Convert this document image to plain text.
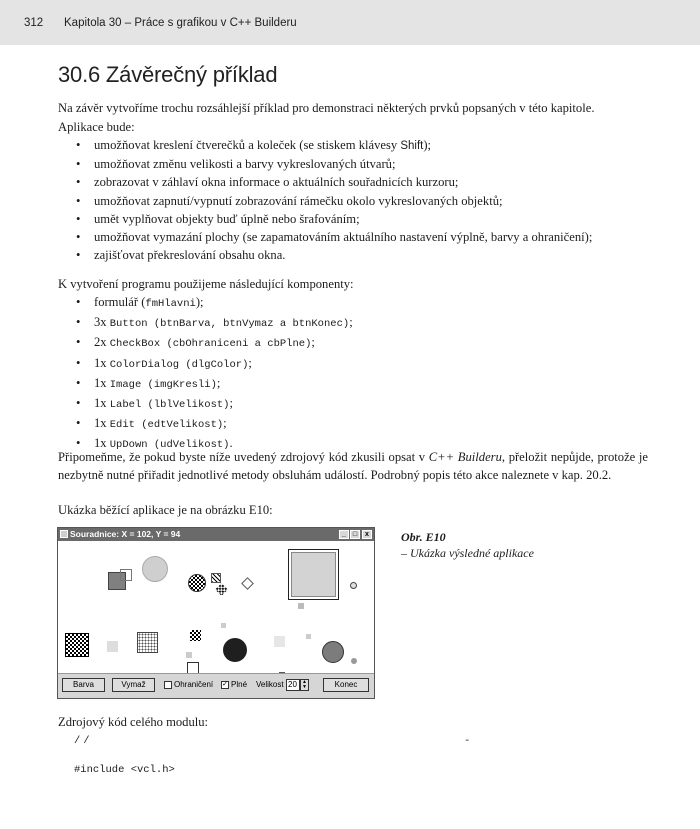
312 Kapitola 30 – Práce s grafikou v C++ Builderu
30.6 Závěrečný příklad
Na závěr vytvoříme trochu rozsáhlejší příklad pro demonstraci některých prvků popsaných v této kapitole.
Aplikace bude:
• umožňovat kreslení čtverečků a koleček (se stiskem klávesy Shift);
• umožňovat změnu velikosti a barvy vykreslovaných útvarů;
• zobrazovat v záhlaví okna informace o aktuálních souřadnicích kurzoru;
• umožňovat zapnutí/vypnutí zobrazování rámečku okolo vykreslovaných objektů;
• umět vyplňovat objekty buď úplně nebo šrafováním;
• umožňovat vymazání plochy (se zapamatováním aktuálního nastavení výplně, barvy a ohraničení);
• zajišťovat překreslování obsahu okna.
K vytvoření programu použijeme následující komponenty:
• formulář (fmHlavni);
• 3x Button (btnBarva, btnVymaz a btnKonec);
• 2x CheckBox (cbOhraniceni a cbPlne);
• 1x ColorDialog (dlgColor);
• 1x Image (imgKresli);
• 1x Label (lblVelikost);
• 1x Edit (edtVelikost);
• 1x UpDown (udVelikost).
Připomeňme, že pokud byste níže uvedený zdrojový kód zkusili opsat v C++ Builderu, přeložit nepůjde, protože je nezbytně nutné přiřadit jednotlivé metody obsluhám událostí. Podrobný popis této akce naleznete v kap. 20.2.
Ukázka běžící aplikace je na obrázku E10:
Souradnice: X = 102, Y = 94	_ □	x
Barva	Vymaž	Ohraničení ✓ Plné Velikost 20	▲
▼	Konec
Obr. E10
– Ukázka výsledné aplikace
Zdrojový kód celého modulu:
//	-
#include <vcl.h>
